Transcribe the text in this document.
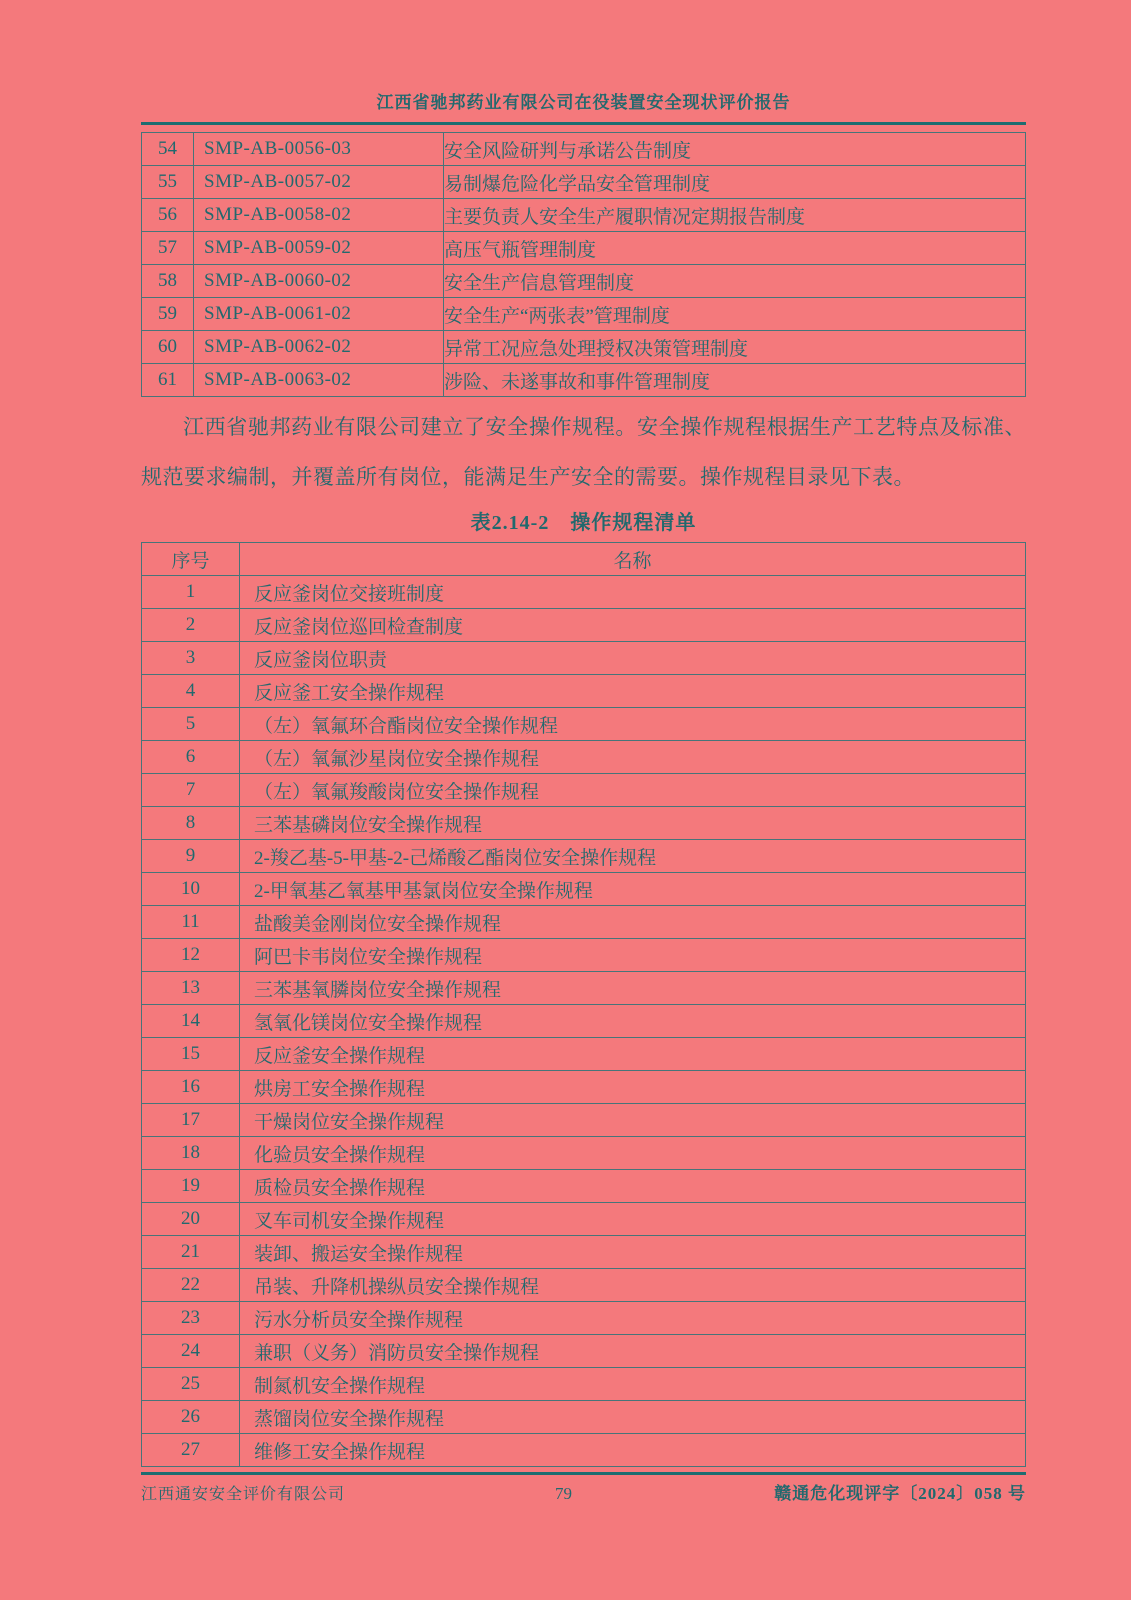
江西省驰邦药业有限公司在役装置安全现状评价报告
54	SMP-AB-0056-03	安全风险研判与承诺公告制度
55	SMP-AB-0057-02	易制爆危险化学品安全管理制度
56	SMP-AB-0058-02	主要负责人安全生产履职情况定期报告制度
57	SMP-AB-0059-02	高压气瓶管理制度
58	SMP-AB-0060-02	安全生产信息管理制度
59	SMP-AB-0061-02	安全生产“两张表”管理制度
60	SMP-AB-0062-02	异常工况应急处理授权决策管理制度
61	SMP-AB-0063-02	涉险、未遂事故和事件管理制度

江西省驰邦药业有限公司建立了安全操作规程。安全操作规程根据生产工艺特点及标准、规范要求编制，并覆盖所有岗位，能满足生产安全的需要。操作规程目录见下表。

表2.14-2　操作规程清单
序号	名称
1	反应釜岗位交接班制度
2	反应釜岗位巡回检查制度
3	反应釜岗位职责
4	反应釜工安全操作规程
5	（左）氧氟环合酯岗位安全操作规程
6	（左）氧氟沙星岗位安全操作规程
7	（左）氧氟羧酸岗位安全操作规程
8	三苯基磷岗位安全操作规程
9	2-羧乙基-5-甲基-2-己烯酸乙酯岗位安全操作规程
10	2-甲氧基乙氧基甲基氯岗位安全操作规程
11	盐酸美金刚岗位安全操作规程
12	阿巴卡韦岗位安全操作规程
13	三苯基氧膦岗位安全操作规程
14	氢氧化镁岗位安全操作规程
15	反应釜安全操作规程
16	烘房工安全操作规程
17	干燥岗位安全操作规程
18	化验员安全操作规程
19	质检员安全操作规程
20	叉车司机安全操作规程
21	装卸、搬运安全操作规程
22	吊装、升降机操纵员安全操作规程
23	污水分析员安全操作规程
24	兼职（义务）消防员安全操作规程
25	制氮机安全操作规程
26	蒸馏岗位安全操作规程
27	维修工安全操作规程
江西通安安全评价有限公司	79	赣通危化现评字〔2024〕058 号
